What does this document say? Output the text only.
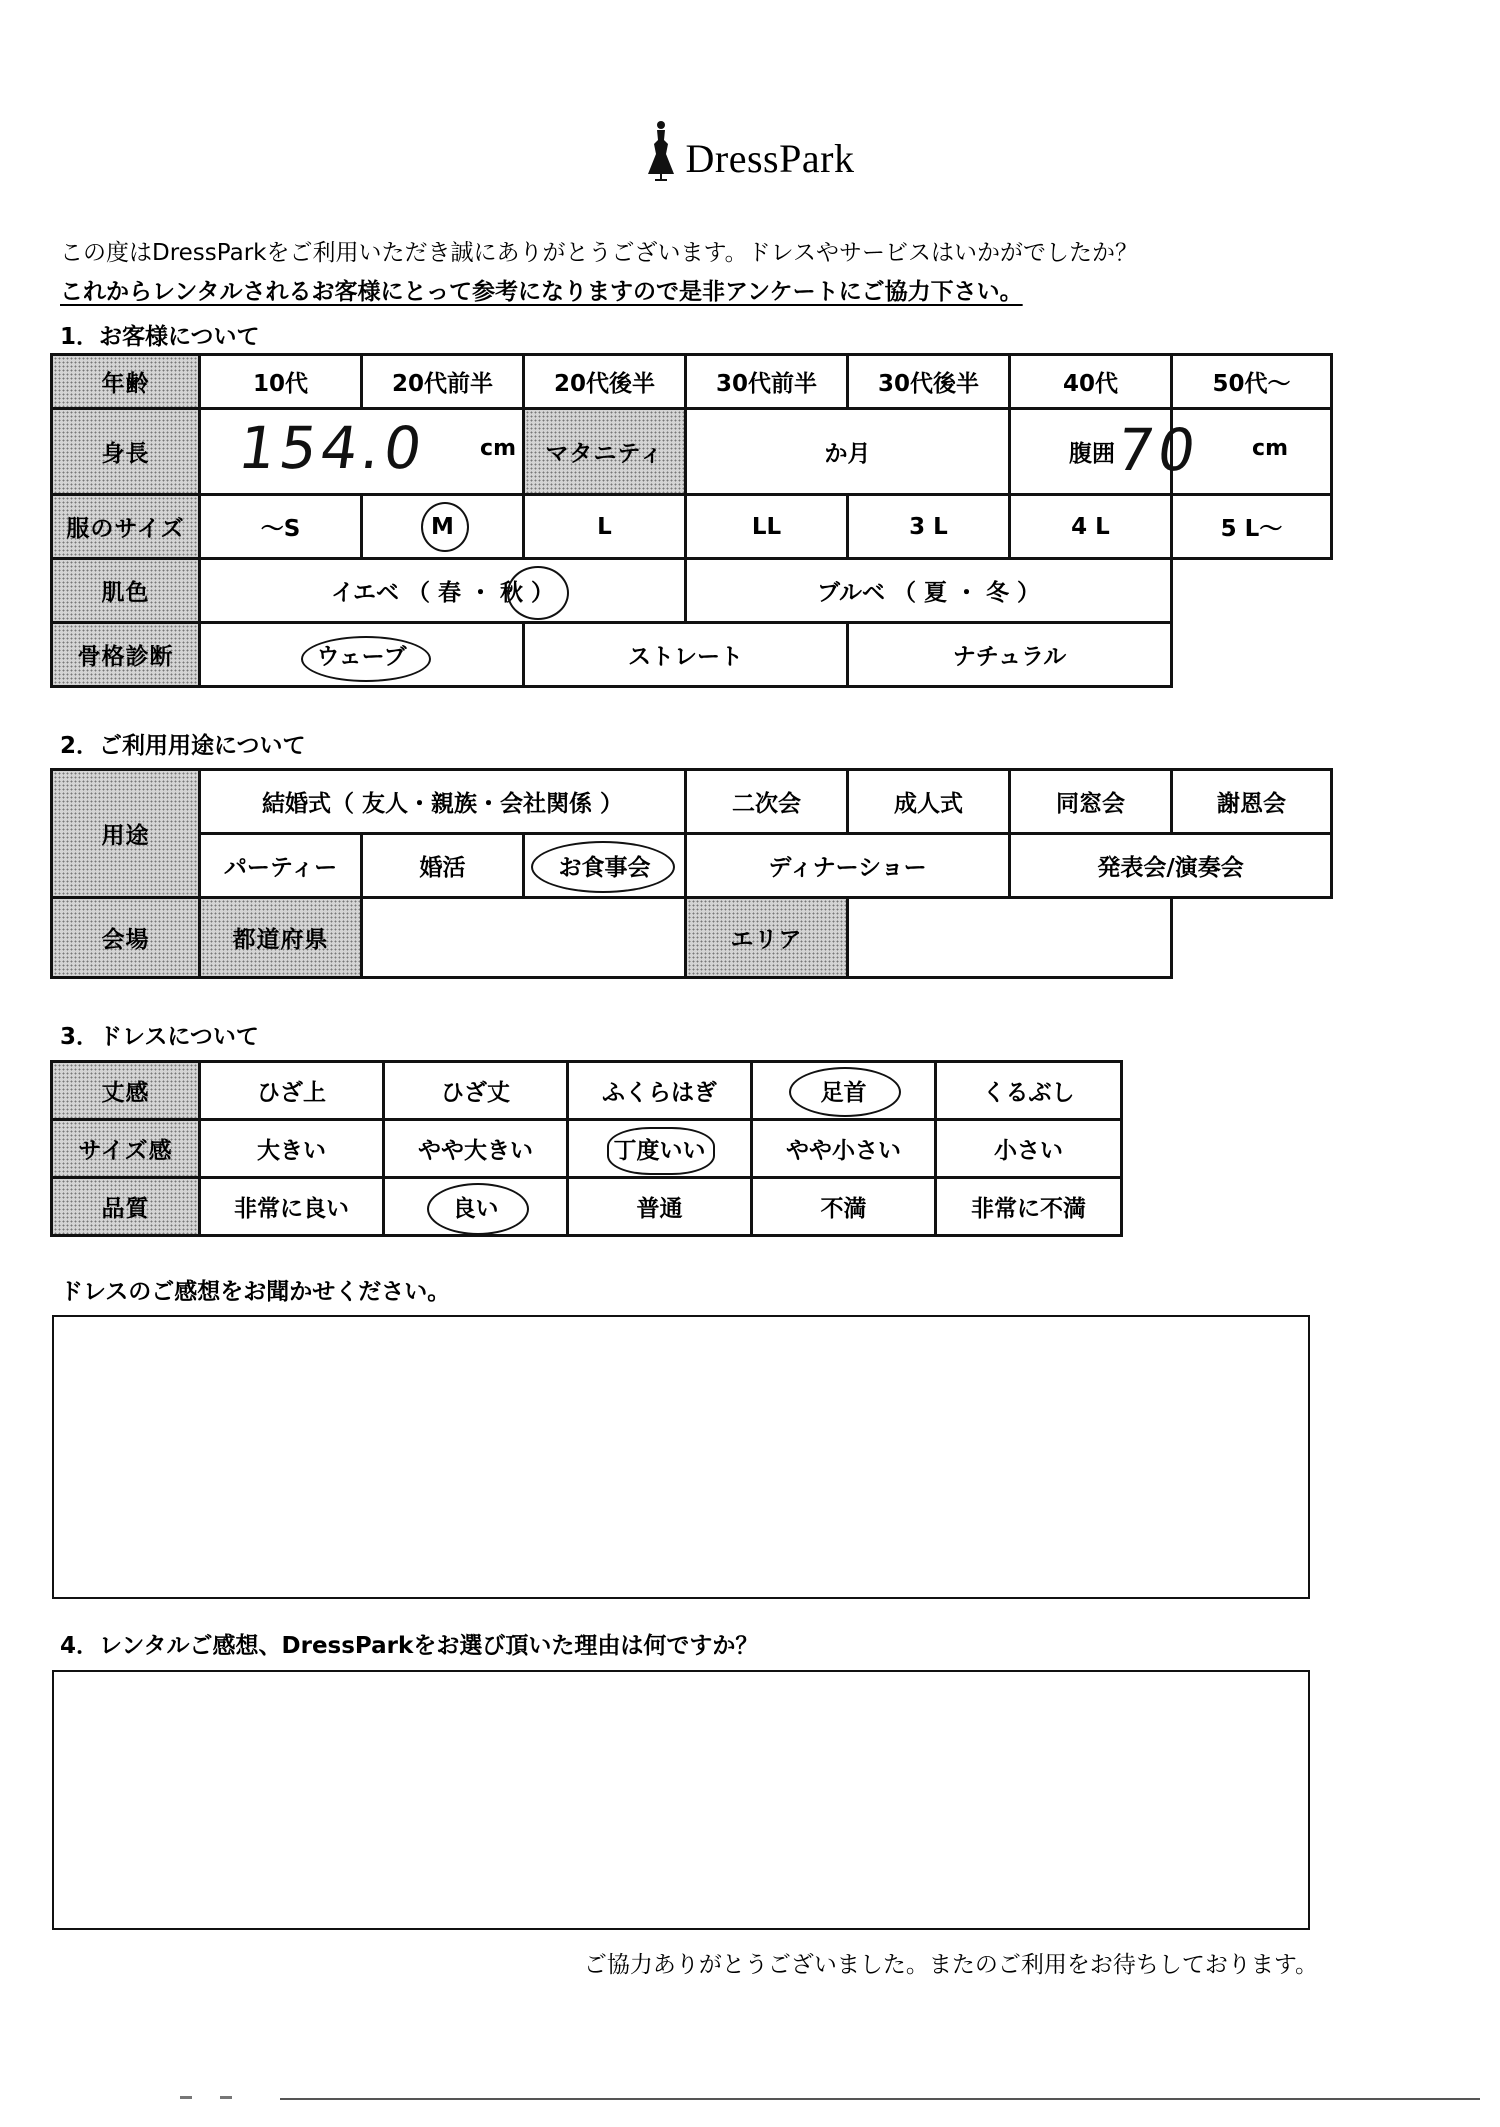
DressPark
この度はDressParkをご利用いただき誠にありがとうございます。ドレスやサービスはいかがでしたか？
これからレンタルされるお客様にとって参考になりますので是非アンケートにご協力下さい。
1．お客様について
年齢	10代	20代前半	20代後半	30代前半	30代後半	40代	50代～
身長	154.0 cm		マタニティ	か月		腹囲	70 cm

服のサイズ	～S	M	L	LL	3 L	4 L	5 L～
肌色	イエベ （ 春 ・ 秋 ）			ブルベ （ 夏 ・ 冬 ）			
骨格診断	ウェーブ		ストレート		ナチュラル		
2．ご利用用途について
用途	結婚式（ 友人・親族・会社関係 ）			二次会	成人式	同窓会	謝恩会
	パーティー	婚活	お食事会	ディナーショー		発表会/演奏会	
会場	都道府県			エリア			
3．ドレスについて
丈感	ひざ上	ひざ丈	ふくらはぎ	足首	くるぶし
サイズ感	大きい	やや大きい	丁度いい	やや小さい	小さい
品質	非常に良い	良い	普通	不満	非常に不満
ドレスのご感想をお聞かせください。
4．レンタルご感想、DressParkをお選び頂いた理由は何ですか？
ご協力ありがとうございました。またのご利用をお待ちしております。
